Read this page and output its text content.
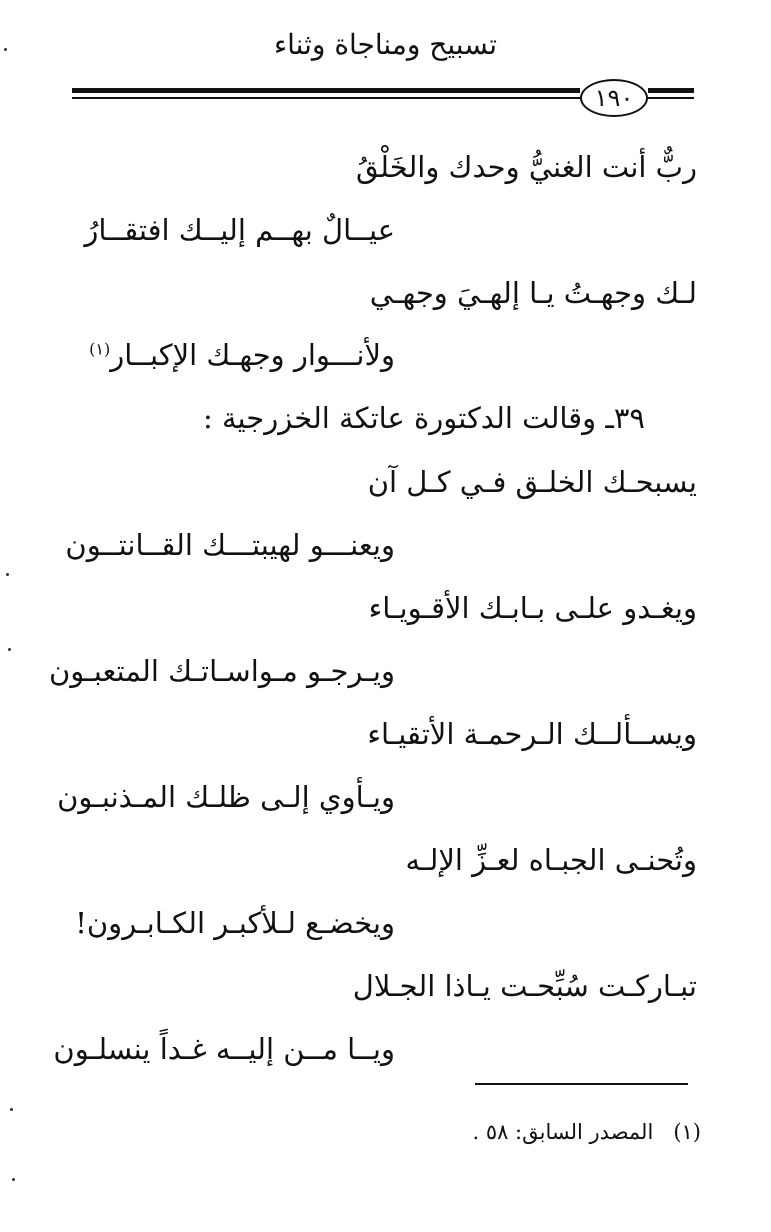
تسبيح ومناجاة وثناء
١٩٠
ربٌّ أنت الغنيُّ وحدك والخَلْقُ
عيــالٌ بهــم إليــك افتقــارُ
لـك وجهـتُ يـا إلهـيَ وجهـي
ولأنـــوار وجهـك الإكبــار$^{(١)}$
٣٩ـ وقالت الدكتورة عاتكة الخزرجية :
يسبحـك الخلـق فـي كـل آن
ويعنـــو لهيبتـــك القــانتــون
ويغـدو علـى بـابـك الأقـويـاء
ويـرجـو مـواسـاتـك المتعبـون
ويســألــك الـرحمـة الأتقيـاء
ويـأوي إلـى ظلـك المـذنبـون
وتُحنـى الجبـاه لعـزِّ الإلـه
ويخضـع لـلأكبـر الكـابـرون!
تبـاركـت سُبِّحـت يـاذا الجـلال
ويــا مــن إليــه غـداً ينسلـون
(١)   المصدر السابق: ٥٨ .
